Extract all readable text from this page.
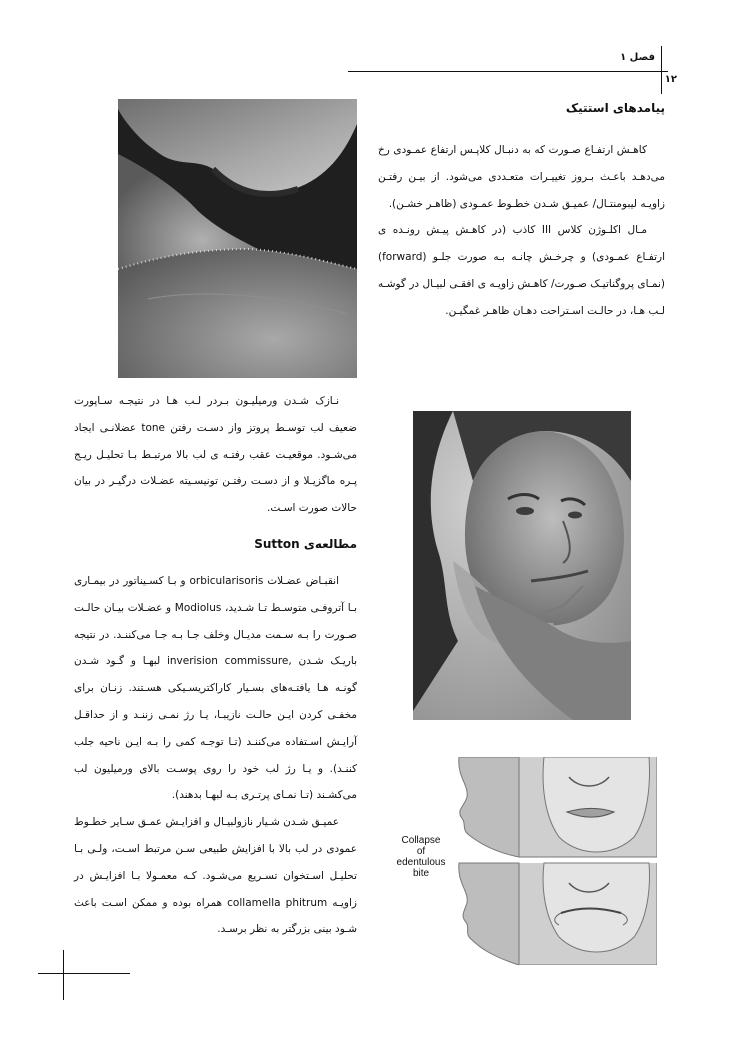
فصل ۱
۱۲
پیامدهای استتیک

کاهـش ارتفـاع صـورت که به دنبـال کلاپـس ارتفاع عمـودی رخ می‌دهـد باعـث بـروز تغییـرات متعـددی می‌شود. از بیـن رفتـن زاویـه لیبومنتـال/ عمیـق شـدن خطـوط عمـودی (ظاهـر خشـن).

مـال اکلـوژن کلاس III کاذب (در کاهـش پیـش رونـده ی ارتفـاع عمـودی) و چرخـش چانـه بـه صورت جلـو (forward) (نمـای پروگناتیـک صـورت/ کاهـش زاویـه ی افقـی لبیـال در گوشـه لـب هـا، در حالـت اسـتراحت دهـان ظاهـر غمگیـن.

نـازک شـدن ورمیلیـون بـردر لـب هـا در نتیجـه سـاپورت ضعیف لب توسـط پروتز واز دسـت رفتن tone عضلانـی ایجاد می‌شـود. موقعیـت عقب رفتـه ی لب بالا مرتبـط بـا تحلیـل ریـج پـره ماگزیـلا و از دسـت رفتـن تونیسـیته عضـلات درگیـر در بیان حالات صورت اسـت.

مطالعه‌ی Sutton

انقبـاض عضـلات orbicularisoris و بـا کسـیناتور در بیمـاری بـا آتروفـی متوسـط تـا شـدید، Modiolus و عضـلات بیـان حالـت صـورت را بـه سـمت مدیـال وخلف جـا بـه جـا می‌کننـد. در نتیجه باریـک شـدن ,inverision commissure لبهـا و گـود شـدن گونـه هـا یافتـه‌های بسـیار کاراکتریسـیکی هسـتند. زنـان برای مخفـی کردن ایـن حالـت نازیبـا، یـا رژ نمـی زننـد و از حداقـل آرایـش اسـتفاده می‌کننـد (تـا توجـه کمی را بـه ایـن ناحیه جلب کننـد). و یـا رژ لب خود را روی پوسـت بالای ورمیلیون لب می‌کشـند (تـا نمـای پرتـری بـه لبهـا بدهند).

عمیـق شـدن شـیار نازولبیـال و افزایـش عمـق سـایر خطـوط عمودی در لب بالا با افزایش طبیعی سـن مرتبط اسـت، ولـی بـا تحلیـل اسـتخوان تسـریع می‌شـود. کـه معمـولا بـا افزایـش در زاویـه collamella phitrum همراه بوده و ممکن اسـت باعث شـود بینی بزرگتر به نظر برسـد.

Collapse
of
edentulous
bite
